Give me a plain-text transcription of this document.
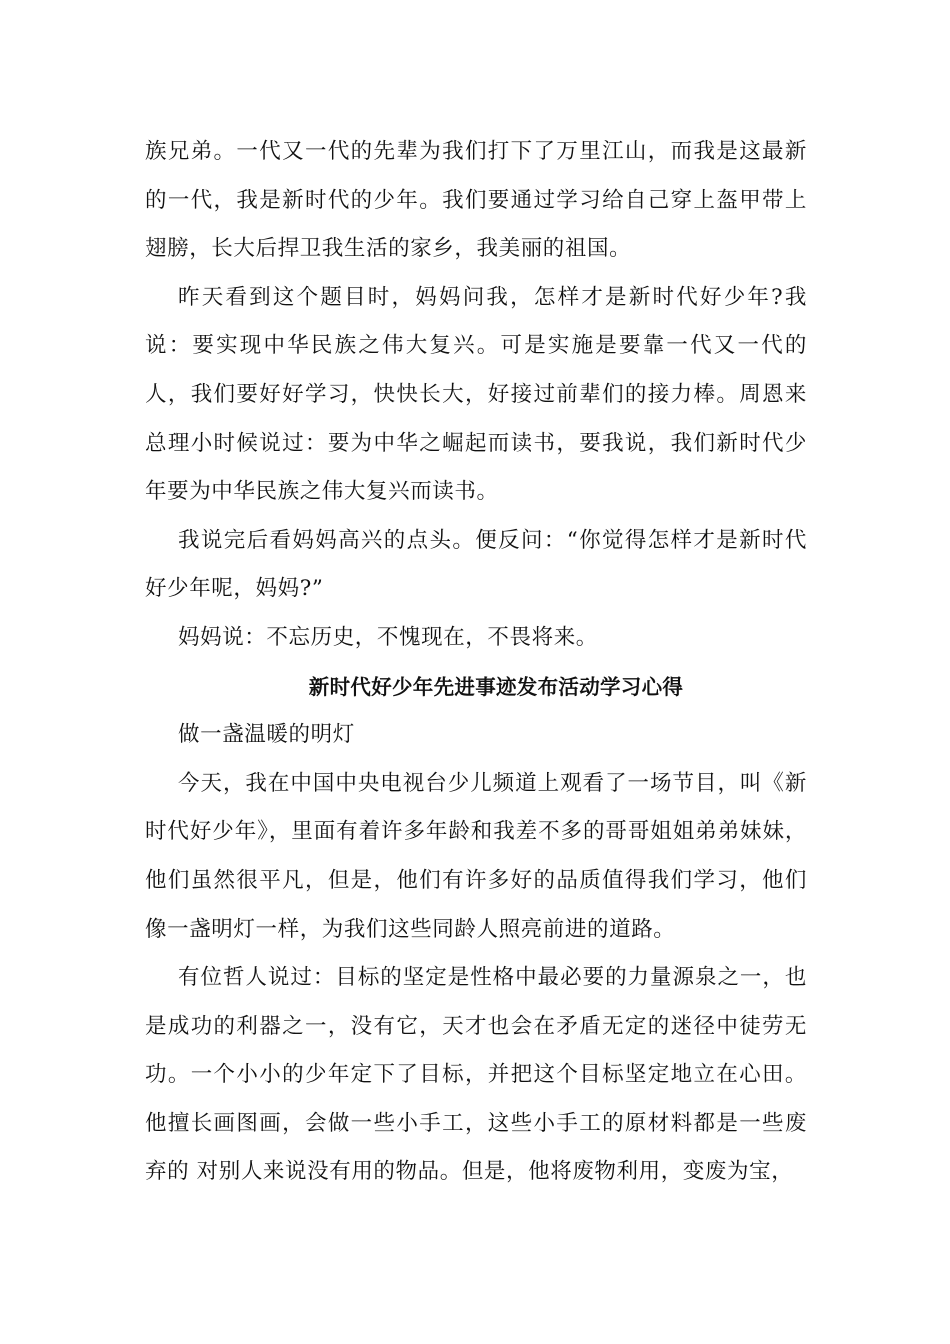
族兄弟。一代又一代的先辈为我们打下了万里江山，而我是这最新的一代，我是新时代的少年。我们要通过学习给自己穿上盔甲带上翅膀，长大后捍卫我生活的家乡，我美丽的祖国。

昨天看到这个题目时，妈妈问我，怎样才是新时代好少年?我说：要实现中华民族之伟大复兴。可是实施是要靠一代又一代的人，我们要好好学习，快快长大，好接过前辈们的接力棒。周恩来总理小时候说过：要为中华之崛起而读书，要我说，我们新时代少年要为中华民族之伟大复兴而读书。

我说完后看妈妈高兴的点头。便反问：“你觉得怎样才是新时代好少年呢，妈妈?”

妈妈说：不忘历史，不愧现在，不畏将来。

新时代好少年先进事迹发布活动学习心得

做一盏温暖的明灯

今天，我在中国中央电视台少儿频道上观看了一场节目，叫《新时代好少年》，里面有着许多年龄和我差不多的哥哥姐姐弟弟妹妹，他们虽然很平凡，但是，他们有许多好的品质值得我们学习，他们像一盏明灯一样，为我们这些同龄人照亮前进的道路。

有位哲人说过：目标的坚定是性格中最必要的力量源泉之一，也是成功的利器之一，没有它，天才也会在矛盾无定的迷径中徒劳无功。一个小小的少年定下了目标，并把这个目标坚定地立在心田。他擅长画图画，会做一些小手工，这些小手工的原材料都是一些废弃的 对别人来说没有用的物品。但是，他将废物利用，变废为宝，
